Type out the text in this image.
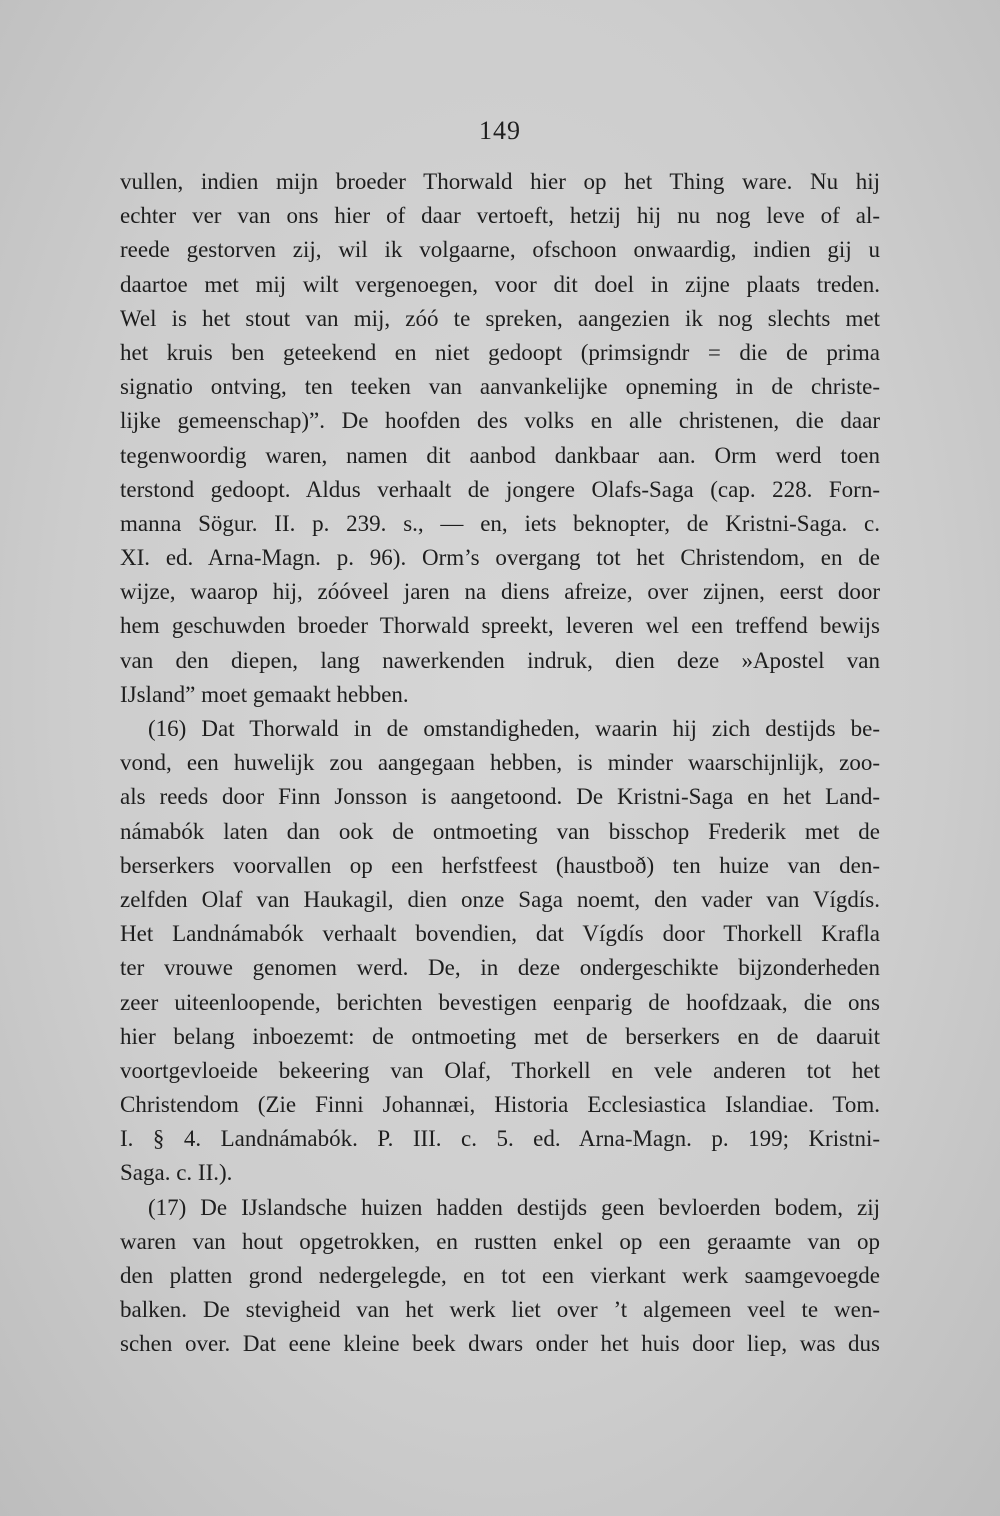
149
vullen, indien mijn broeder Thorwald hier op het Thing ware. Nu hij
echter ver van ons hier of daar vertoeft, hetzij hij nu nog leve of al-
reede gestorven zij, wil ik volgaarne, ofschoon onwaardig, indien gij u
daartoe met mij wilt vergenoegen, voor dit doel in zijne plaats treden.
Wel is het stout van mij, zóó te spreken, aangezien ik nog slechts met
het kruis ben geteekend en niet gedoopt (primsigndr = die de prima
signatio ontving, ten teeken van aanvankelijke opneming in de christe-
lijke gemeenschap)”. De hoofden des volks en alle christenen, die daar
tegenwoordig waren, namen dit aanbod dankbaar aan. Orm werd toen
terstond gedoopt. Aldus verhaalt de jongere Olafs-Saga (cap. 228. Forn-
manna Sögur. II. p. 239. s., — en, iets beknopter, de Kristni-Saga. c.
XI. ed. Arna-Magn. p. 96). Orm’s overgang tot het Christendom, en de
wijze, waarop hij, zóóveel jaren na diens afreize, over zijnen, eerst door
hem geschuwden broeder Thorwald spreekt, leveren wel een treffend bewijs
van den diepen, lang nawerkenden indruk, dien deze »Apostel van
IJsland” moet gemaakt hebben.
(16) Dat Thorwald in de omstandigheden, waarin hij zich destijds be-
vond, een huwelijk zou aangegaan hebben, is minder waarschijnlijk, zoo-
als reeds door Finn Jonsson is aangetoond. De Kristni-Saga en het Land-
námabók laten dan ook de ontmoeting van bisschop Frederik met de
berserkers voorvallen op een herfstfeest (haustboð) ten huize van den-
zelfden Olaf van Haukagil, dien onze Saga noemt, den vader van Vígdís.
Het Landnámabók verhaalt bovendien, dat Vígdís door Thorkell Krafla
ter vrouwe genomen werd. De, in deze ondergeschikte bijzonderheden
zeer uiteenloopende, berichten bevestigen eenparig de hoofdzaak, die ons
hier belang inboezemt: de ontmoeting met de berserkers en de daaruit
voortgevloeide bekeering van Olaf, Thorkell en vele anderen tot het
Christendom (Zie Finni Johannæi, Historia Ecclesiastica Islandiae. Tom.
I. § 4. Landnámabók. P. III. c. 5. ed. Arna-Magn. p. 199; Kristni-
Saga. c. II.).
(17) De IJslandsche huizen hadden destijds geen bevloerden bodem, zij
waren van hout opgetrokken, en rustten enkel op een geraamte van op
den platten grond nedergelegde, en tot een vierkant werk saamgevoegde
balken. De stevigheid van het werk liet over ’t algemeen veel te wen-
schen over. Dat eene kleine beek dwars onder het huis door liep, was dus
